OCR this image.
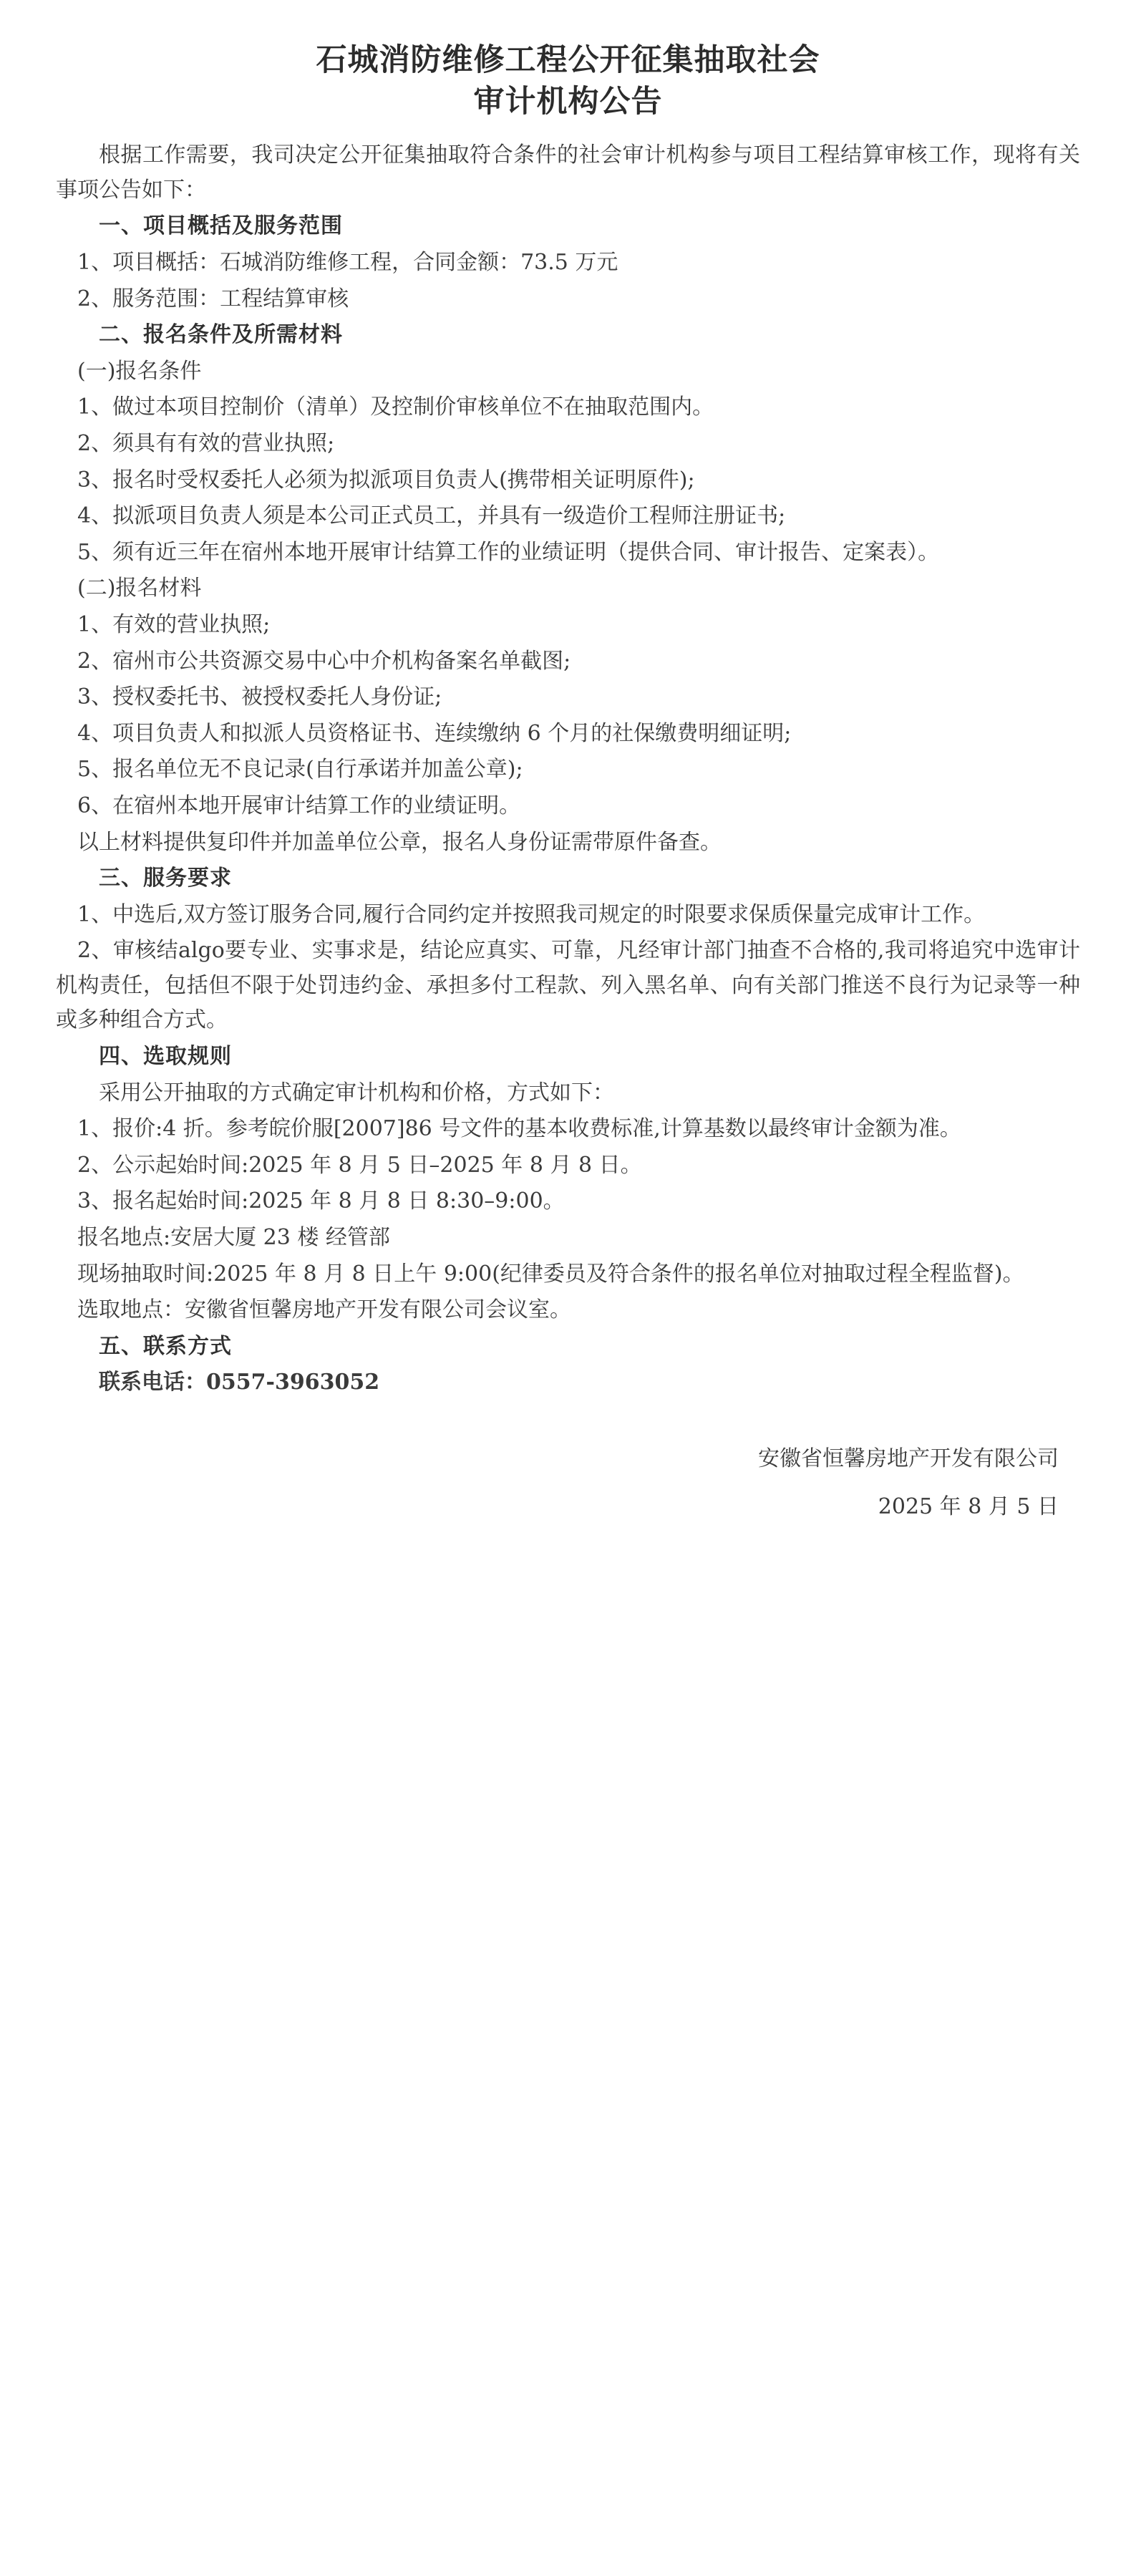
石城消防维修工程公开征集抽取社会
审计机构公告

根据工作需要，我司决定公开征集抽取符合条件的社会审计机构参与项目工程结算审核工作，现将有关事项公告如下：

一、项目概括及服务范围

1、项目概括：石城消防维修工程，合同金额：73.5 万元

2、服务范围：工程结算审核

二、报名条件及所需材料

(一)报名条件

1、做过本项目控制价（清单）及控制价审核单位不在抽取范围内。

2、须具有有效的营业执照;

3、报名时受权委托人必须为拟派项目负责人(携带相关证明原件);

4、拟派项目负责人须是本公司正式员工，并具有一级造价工程师注册证书;

5、须有近三年在宿州本地开展审计结算工作的业绩证明（提供合同、审计报告、定案表）。

(二)报名材料

1、有效的营业执照;

2、宿州市公共资源交易中心中介机构备案名单截图;

3、授权委托书、被授权委托人身份证;

4、项目负责人和拟派人员资格证书、连续缴纳 6 个月的社保缴费明细证明;

5、报名单位无不良记录(自行承诺并加盖公章);

6、在宿州本地开展审计结算工作的业绩证明。

以上材料提供复印件并加盖单位公章，报名人身份证需带原件备查。

三、服务要求

1、中选后,双方签订服务合同,履行合同约定并按照我司规定的时限要求保质保量完成审计工作。

2、审核结algo要专业、实事求是，结论应真实、可靠，凡经审计部门抽查不合格的,我司将追究中选审计机构责任，包括但不限于处罚违约金、承担多付工程款、列入黑名单、向有关部门推送不良行为记录等一种或多种组合方式。

四、选取规则

采用公开抽取的方式确定审计机构和价格，方式如下：

1、报价:4 折。参考皖价服[2007]86 号文件的基本收费标准,计算基数以最终审计金额为准。

2、公示起始时间:2025 年 8 月 5 日–2025 年 8 月 8 日。

3、报名起始时间:2025 年 8 月 8 日 8:30–9:00。

报名地点:安居大厦 23 楼 经管部

现场抽取时间:2025 年 8 月 8 日上午 9:00(纪律委员及符合条件的报名单位对抽取过程全程监督)。

选取地点：安徽省恒馨房地产开发有限公司会议室。

五、联系方式

联系电话：0557-3963052

安徽省恒馨房地产开发有限公司

2025 年 8 月 5 日
